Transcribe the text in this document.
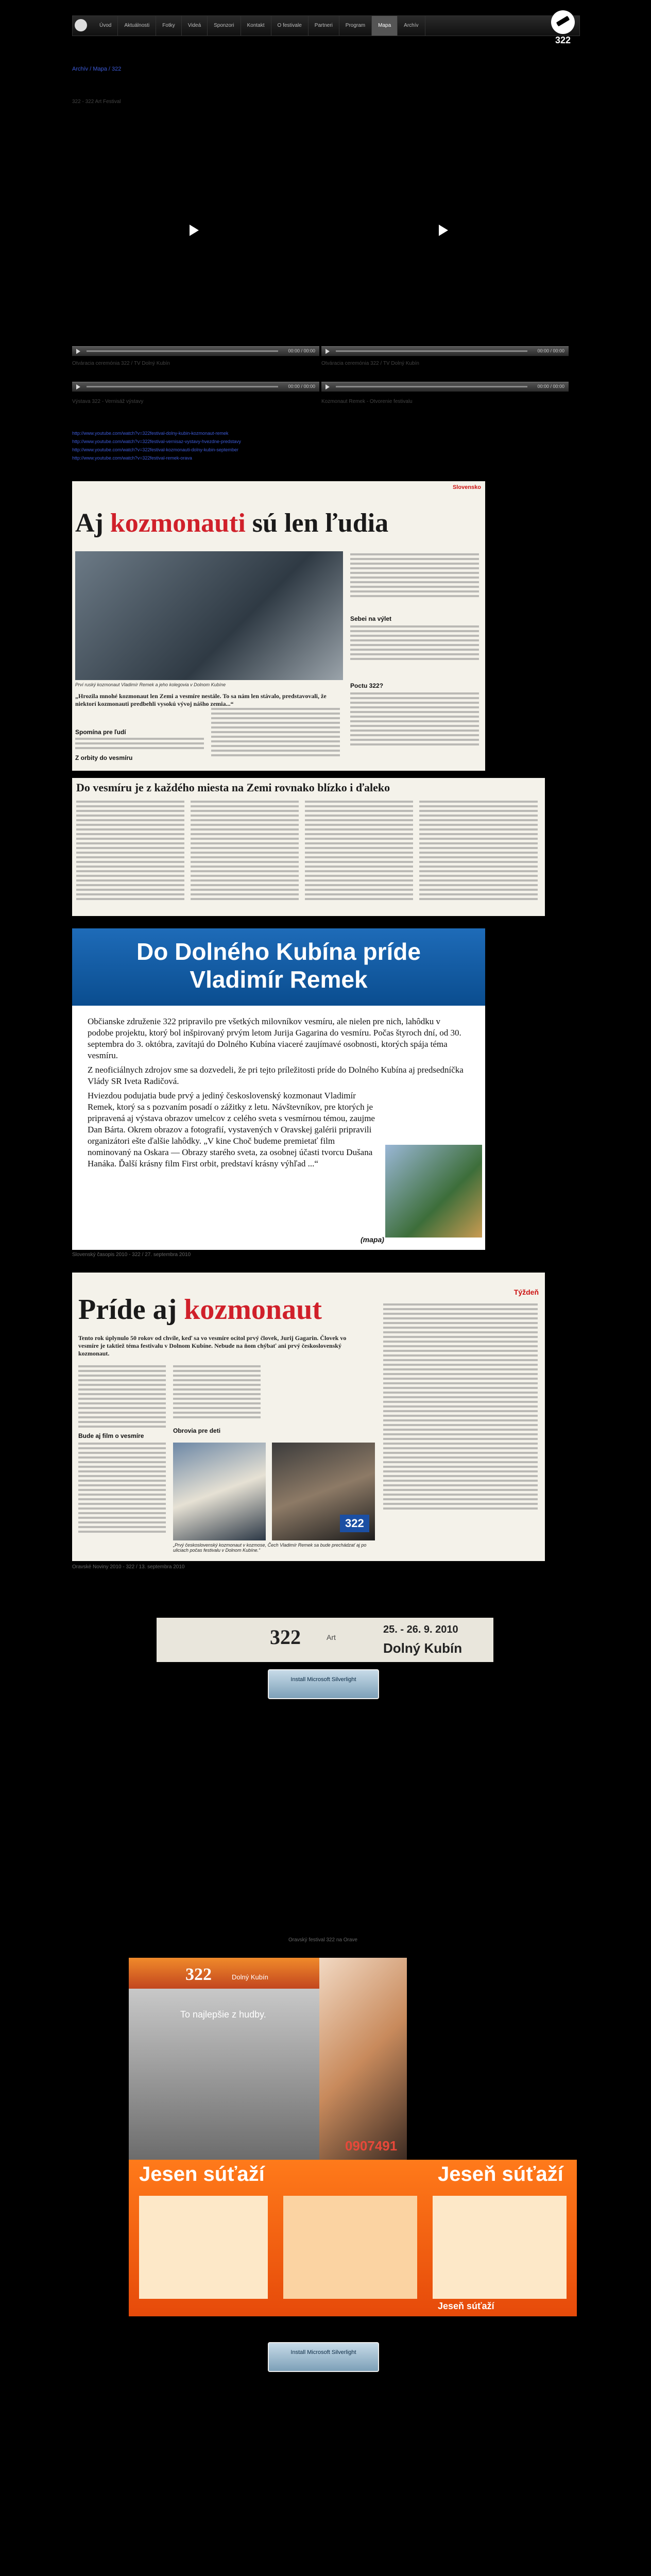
Úvod	Aktuálnosti	Fotky	Videá	Sponzori	Kontakt	O festivale	Partneri	Program	Mapa	Archív
322
Archív / Mapa / 322
322 - 322 Art Festival
00:00 / 00:00	00:00 / 00:00
Otváracia ceremónia 322 / TV Dolný Kubín	Otváracia ceremónia 322 / TV Dolný Kubín
00:00 / 00:00	00:00 / 00:00
Výstava 322 - Vernisáž výstavy	Kozmonaut Remek - Otvorenie festivalu
http://www.youtube.com/watch?v=322festival-dolny-kubin-kozmonaut-remek
http://www.youtube.com/watch?v=322festival-vernisaz-vystavy-hvezdne-predstavy
http://www.youtube.com/watch?v=322festival-kozmonauti-dolny-kubin-september
http://www.youtube.com/watch?v=322festival-remek-orava
Slovensko
Aj kozmonauti sú len ľudia
Prví ruský kozmonaut Vladimír Remek a jeho kolegovia v Dolnom Kubíne
„Hrozila mnohé kozmonaut len Zemi a vesmíre nestále. To sa nám len stávalo, predstavovali, že niektorí kozmonauti predbehli vysokú vývoj nášho zemia...“
Spomína pre ľudí
Z orbity do vesmíru
Sebei na výlet
Poctu 322?
Do vesmíru je z každého miesta na Zemi rovnako blízko i ďaleko
Do Dolného Kubína príde
Vladimír Remek
Občianske združenie 322 pripravilo pre všetkých milovníkov vesmíru, ale nielen pre nich, lahôdku v podobe projektu, ktorý bol inšpirovaný prvým letom Jurija Gagarina do vesmíru. Počas štyroch dní, od 30. septembra do 3. októbra, zavítajú do Dolného Kubína viaceré zaujímavé osobnosti, ktorých spája téma vesmíru.
Z neoficiálnych zdrojov sme sa dozvedeli, že pri tejto príležitosti príde do Dolného Kubína aj predsedníčka Vlády SR Iveta Radičová.
Hviezdou podujatia bude prvý a jediný československý kozmonaut Vladimír Remek, ktorý sa s pozvaním posadí o zážitky z letu. Návštevníkov, pre ktorých je pripravená aj výstava obrazov umelcov z celého sveta s vesmírnou témou, zaujme Dan Bárta. Okrem obrazov a fotografií, vystavených v Oravskej galérii pripravili organizátori ešte ďalšie lahôdky. „V kine Choč budeme premietať film nominovaný na Oskara — Obrazy starého sveta, za osobnej účasti tvorcu Dušana Hanáka. Ďalší krásny film First orbit, predstaví krásny výhľad ...“
(mapa)
Slovenský časopis 2010 - 322 / 27. septembra 2010
Príde aj kozmonaut
Týždeň
Tento rok úplynulo 50 rokov od chvíle, keď sa vo vesmíre ocitol prvý človek, Jurij Gagarin. Človek vo vesmíre je taktiež téma festivalu v Dolnom Kubíne. Nebude na ňom chýbať ani prvý československý kozmonaut.
Bude aj film o vesmíre
Obrovia pre deti
322
„Prvý československý kozmonaut v kozmose, Čech Vladimír Remek sa bude prechádzať aj po uliciach počas festivalu v Dolnom Kubíne.“
Oravské Noviny 2010 - 322 / 13. septembra 2010
322	Art
25. - 26. 9. 2010
Dolný Kubín
Install Microsoft Silverlight
Oravský festival 322 na Orave
322	Dolný Kubín
To najlepšie z hudby.
0907491
Jesen súťaží	Jeseň súťaží
Jeseň súťaží
Install Microsoft Silverlight
